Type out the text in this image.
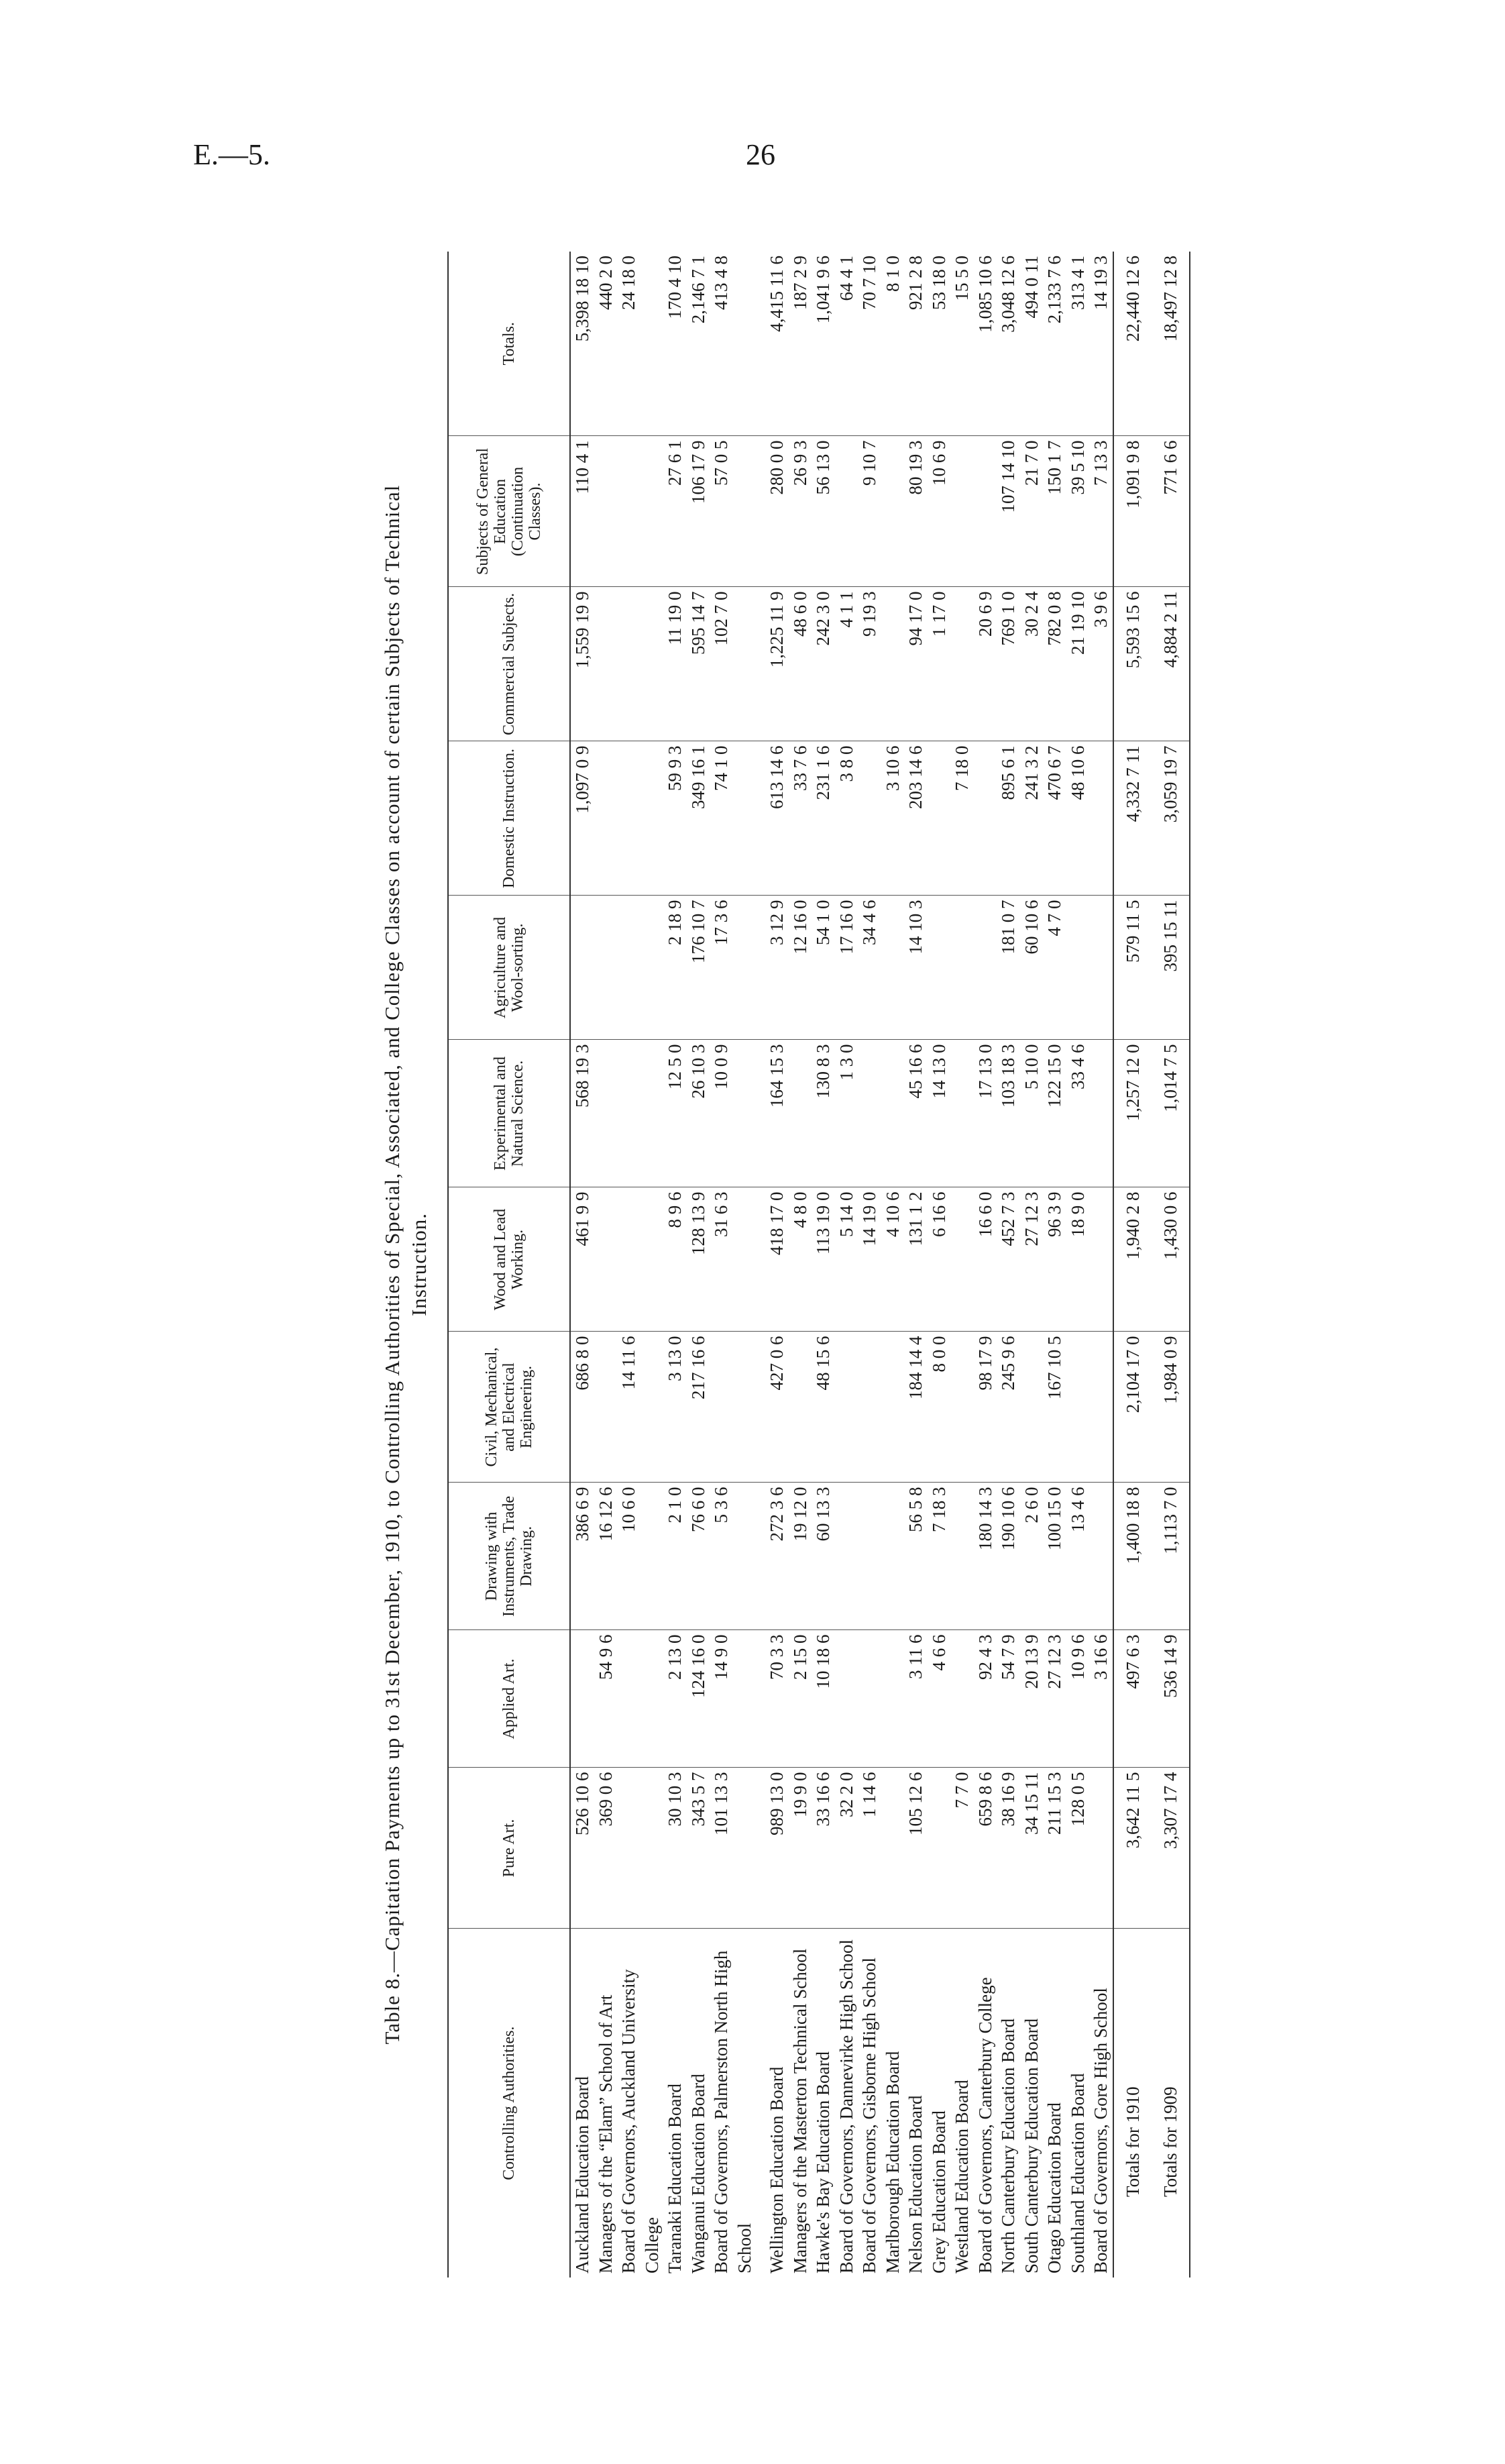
E.—5.	26
Table 8.—Capitation Payments up to 31st December, 1910, to Controlling Authorities of Special, Associated, and College Classes on account of certain Subjects of Technical Instruction.
Controlling Authorities.	Pure Art.	Applied Art.	Drawing with Instruments, Trade Drawing.	Civil, Mechanical, and Electrical Engineering.	Wood and Lead Working.	Experimental and Natural Science.	Agriculture and Wool-sorting.	Domestic Instruction.	Commercial Subjects.	Subjects of General Education (Continuation Classes).	Totals.
Auckland Education Board	526 10 6		386 6 9	686 8 0	461 9 9	568 19 3		1,097 0 9	1,559 19 9	110 4 1	5,398 18 10
Managers of the “Elam” School of Art	369 0 6	54 9 6	16 12 6								440 2 0
Board of Governors, Auckland University College			10 6 0	14 11 6							24 18 0
Taranaki Education Board	30 10 3	2 13 0	2 1 0	3 13 0	8 9 6	12 5 0	2 18 9	59 9 3	11 19 0	27 6 1	170 4 10
Wanganui Education Board	343 5 7	124 16 0	76 6 0	217 16 6	128 13 9	26 10 3	176 10 7	349 16 1	595 14 7	106 17 9	2,146 7 1
Board of Governors, Palmerston North High School	101 13 3	14 9 0	5 3 6		31 6 3	10 0 9	17 3 6	74 1 0	102 7 0	57 0 5	413 4 8

Wellington Education Board	989 13 0	70 3 3	272 3 6	427 0 6	418 17 0	164 15 3	3 12 9	613 14 6	1,225 11 9	280 0 0	4,415 11 6
Managers of the Masterton Technical School	19 9 0	2 15 0	19 12 0		4 8 0		12 16 0	33 7 6	48 6 0	26 9 3	187 2 9
Hawke's Bay Education Board	33 16 6	10 18 6	60 13 3	48 15 6	113 19 0	130 8 3	54 1 0	231 1 6	242 3 0	56 13 0	1,041 9 6
Board of Governors, Dannevirke High School	32 2 0				5 14 0	1 3 0	17 16 0	3 8 0	4 1 1		64 4 1
Board of Governors, Gisborne High School	1 14 6				14 19 0		34 4 6		9 19 3	9 10 7	70 7 10
Marlborough Education Board					4 10 6			3 10 6			8 1 0
Nelson Education Board	105 12 6	3 11 6	56 5 8	184 14 4	131 1 2	45 16 6	14 10 3	203 14 6	94 17 0	80 19 3	921 2 8
Grey Education Board		4 6 6	7 18 3	8 0 0	6 16 6	14 13 0			1 17 0	10 6 9	53 18 0
Westland Education Board	7 7 0							7 18 0			15 5 0
Board of Governors, Canterbury College	659 8 6	92 4 3	180 14 3	98 17 9	16 6 0	17 13 0			20 6 9		1,085 10 6
North Canterbury Education Board	38 16 9	54 7 9	190 10 6	245 9 6	452 7 3	103 18 3	181 0 7	895 6 1	769 1 0	107 14 10	3,048 12 6
South Canterbury Education Board	34 15 11	20 13 9	2 6 0		27 12 3	5 10 0	60 10 6	241 3 2	30 2 4	21 7 0	494 0 11
Otago Education Board	211 15 3	27 12 3	100 15 0	167 10 5	96 3 9	122 15 0	4 7 0	470 6 7	782 0 8	150 1 7	2,133 7 6
Southland Education Board	128 0 5	10 9 6	13 4 6		18 9 0	33 4 6		48 10 6	21 19 10	39 5 10	313 4 1
Board of Governors, Gore High School		3 16 6							3 9 6	7 13 3	14 19 3
Totals for 1910	3,642 11 5	497 6 3	1,400 18 8	2,104 17 0	1,940 2 8	1,257 12 0	579 11 5	4,332 7 11	5,593 15 6	1,091 9 8	22,440 12 6
Totals for 1909	3,307 17 4	536 14 9	1,113 7 0	1,984 0 9	1,430 0 6	1,014 7 5	395 15 11	3,059 19 7	4,884 2 11	771 6 6	18,497 12 8
